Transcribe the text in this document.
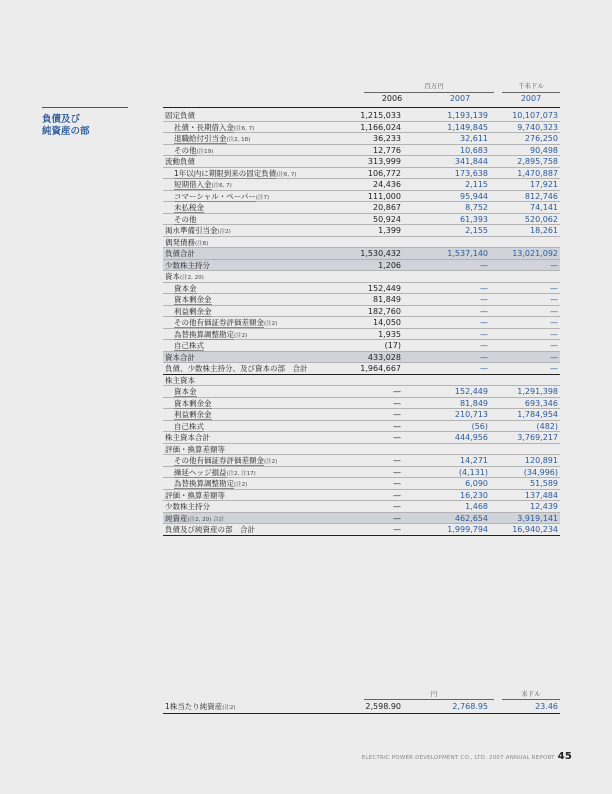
負債及び
純資産の部
百万円	千米ドル
2006	2007	2007
固定負債	1,215,033	1,193,139	10,107,073
社債・長期借入金(注6, 7)	1,166,024	1,149,845	9,740,323
退職給付引当金(注2, 18)	36,233	32,611	276,250
その他(注19)	12,776	10,683	90,498
流動負債	313,999	341,844	2,895,758
1年以内に期限到来の固定負債(注6, 7)	106,772	173,638	1,470,887
短期借入金(注6, 7)	24,436	2,115	17,921
コマーシャル・ペーパー(注7)	111,000	95,944	812,746
未払税金	20,867	8,752	74,141
その他	50,924	61,393	520,062
渇水準備引当金(注2)	1,399	2,155	18,261
偶発債務(注8)
負債合計	1,530,432	1,537,140	13,021,092
少数株主持分	1,206	—	—
資本(注2, 20)
資本金	152,449	—	—
資本剰余金	81,849	—	—
利益剰余金	182,760	—	—
その他有価証券評価差額金(注2)	14,050	—	—
為替換算調整勘定(注2)	1,935	—	—
自己株式	(17)	—	—
資本合計	433,028	—	—
負債、少数株主持分、及び資本の部　合計	1,964,667	—	—
株主資本
資本金	—	152,449	1,291,398
資本剰余金	—	81,849	693,346
利益剰余金	—	210,713	1,784,954
自己株式	—	(56)	(482)
株主資本合計	—	444,956	3,769,217
評価・換算差額等
その他有価証券評価差額金(注2)	—	14,271	120,891
繰延ヘッジ損益(注2, 注17)	—	(4,131)	(34,996)
為替換算調整勘定(注2)	—	6,090	51,589
評価・換算差額等	—	16,230	137,484
少数株主持分	—	1,468	12,439
純資産(注2, 20) 合計	—	462,654	3,919,141
負債及び純資産の部　合計	—	1,999,794	16,940,234
円	米ドル
1株当たり純資産(注2)	2,598.90	2,768.95	23.46
ELECTRIC POWER DEVELOPMENT CO., LTD. 2007 ANNUAL REPORT 45
